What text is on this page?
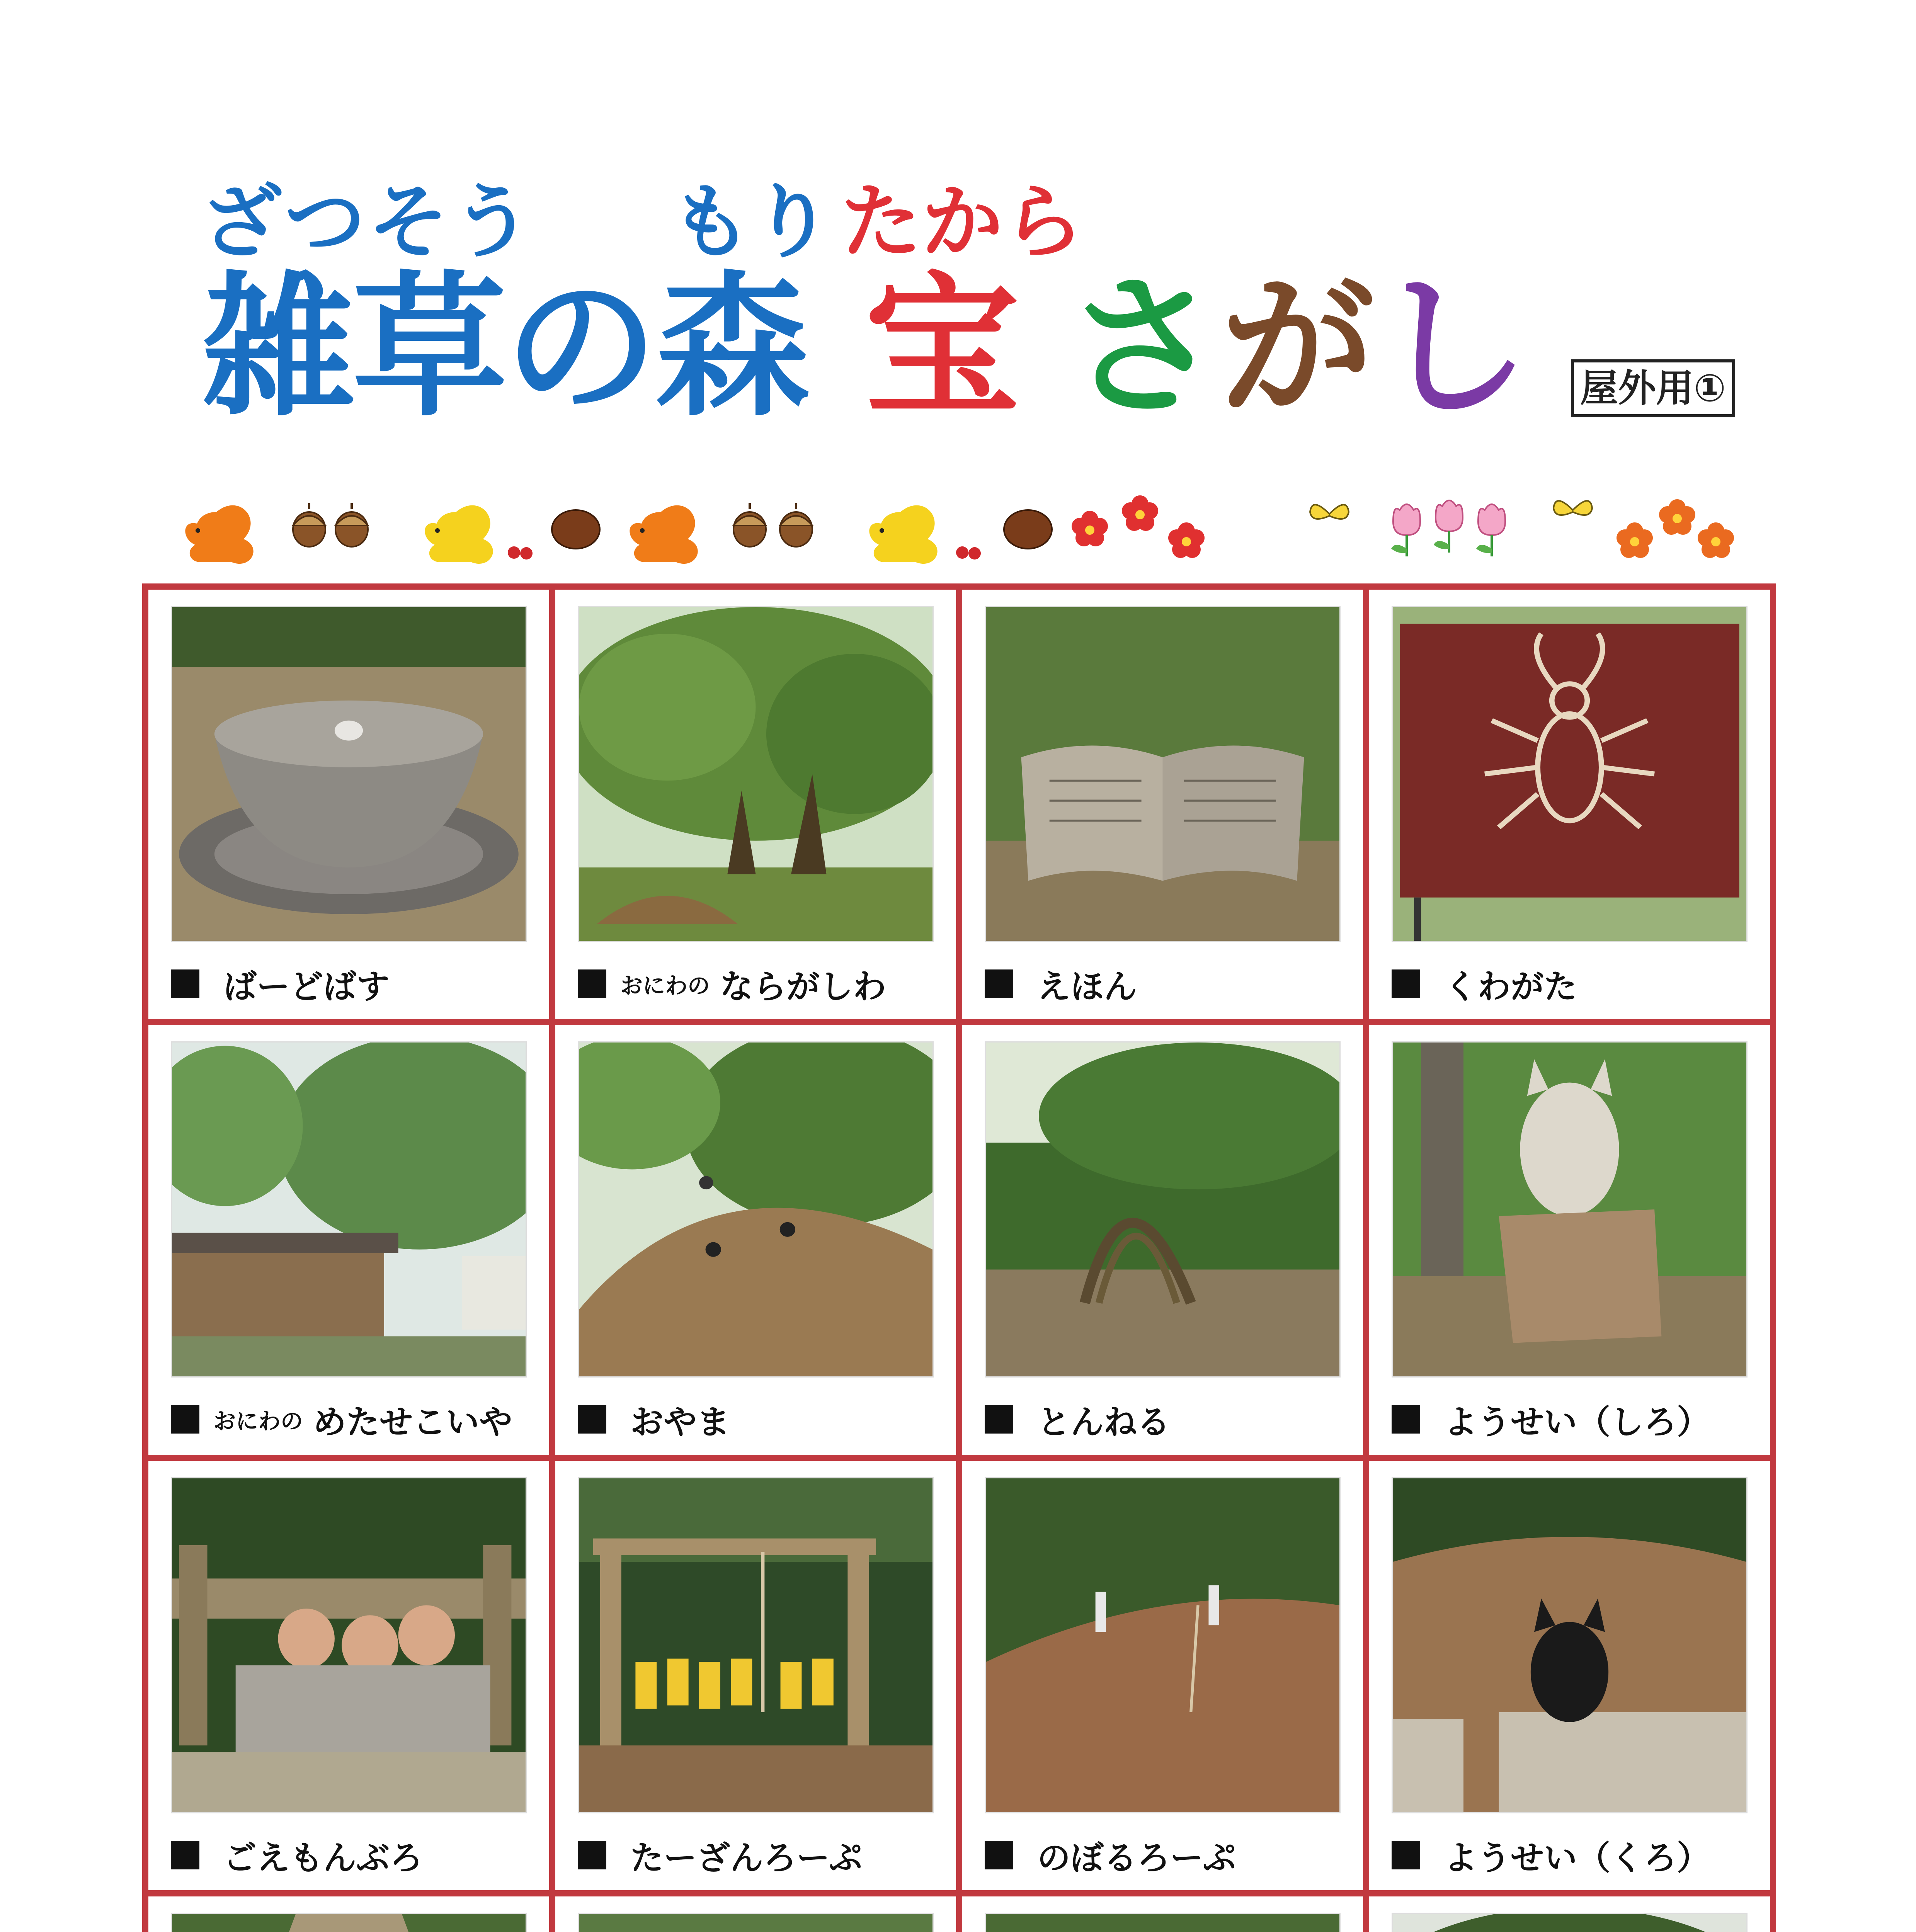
ざつそう もり たから
雑草の森 宝 さがし 屋外用①
ばーどばす	おにわの ならがしわ	えほん	くわがた
おにわの めたせこいや	おやま	とんねる	ようせい（しろ）
ごえもんぶろ	たーざんろーぷ	のぼるろーぷ	ようせい（くろ）
